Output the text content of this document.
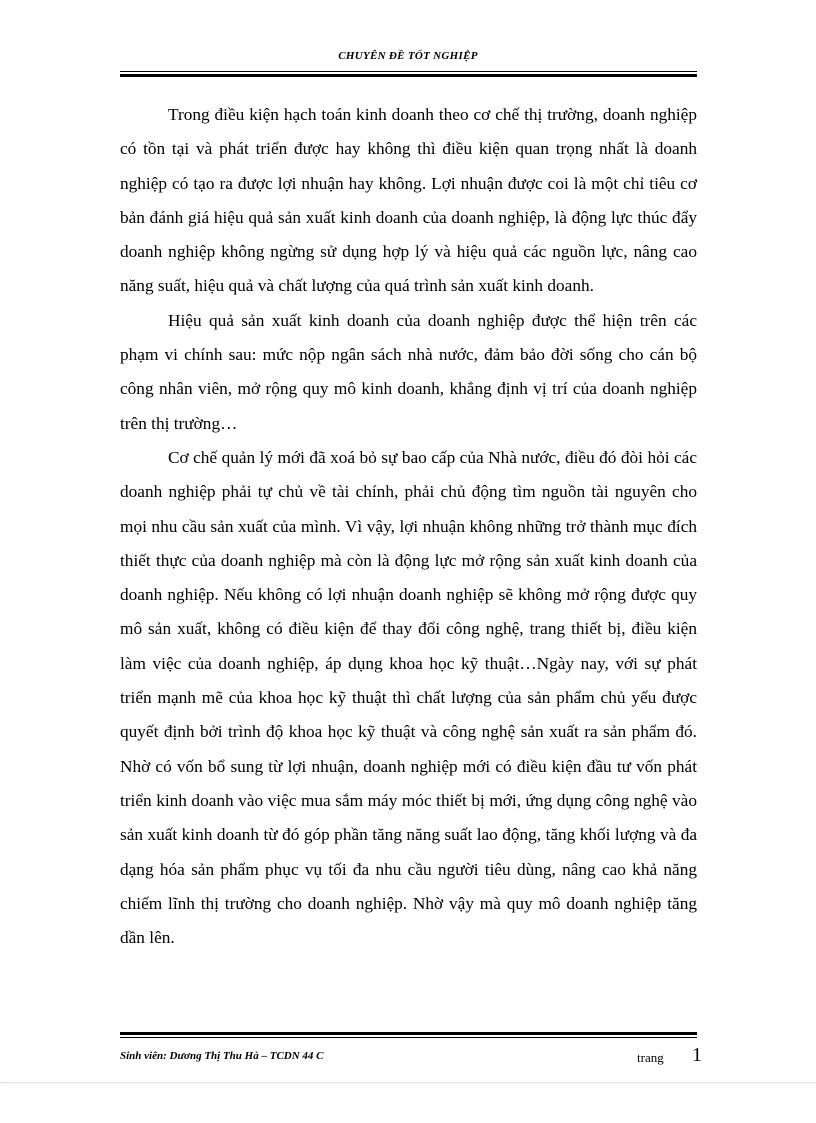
CHUYÊN ĐỀ TỐT NGHIỆP

Trong điều kiện hạch toán kinh doanh theo cơ chế thị trường, doanh nghiệp có tồn tại và phát triển được hay không thì điều kiện quan trọng nhất là doanh nghiệp có tạo ra được lợi nhuận hay không. Lợi nhuận được coi là một chỉ tiêu cơ bản đánh giá hiệu quả sản xuất kinh doanh của doanh nghiệp, là động lực thúc đẩy doanh nghiệp không ngừng sử dụng hợp lý và hiệu quả các nguồn lực, nâng cao năng suất, hiệu quả và chất lượng của quá trình sản xuất kinh doanh.

Hiệu quả sản xuất kinh doanh của doanh nghiệp được thể hiện trên các phạm vi chính sau: mức nộp ngân sách nhà nước, đảm bảo đời sống cho cán bộ công nhân viên, mở rộng quy mô kinh doanh, khẳng định vị trí của doanh nghiệp trên thị trường…

Cơ chế quản lý mới đã xoá bỏ sự bao cấp của Nhà nước, điều đó đòi hỏi các doanh nghiệp phải tự chủ về tài chính, phải chủ động tìm nguồn tài nguyên cho mọi nhu cầu sản xuất của mình. Vì vậy, lợi nhuận không những trở thành mục đích thiết thực của doanh nghiệp mà còn là động lực mở rộng sản xuất kinh doanh của doanh nghiệp. Nếu không có lợi nhuận doanh nghiệp sẽ không mở rộng được quy mô sản xuất, không có điều kiện để thay đổi công nghệ, trang thiết bị, điều kiện làm việc của doanh nghiệp, áp dụng khoa học kỹ thuật…Ngày nay, với sự phát triển mạnh mẽ của khoa học kỹ thuật thì chất lượng của sản phẩm chủ yếu được quyết định bởi trình độ khoa học kỹ thuật và công nghệ sản xuất ra sản phẩm đó. Nhờ có vốn bổ sung từ lợi nhuận, doanh nghiệp mới có điều kiện đầu tư vốn phát triển kinh doanh vào việc mua sắm máy móc thiết bị mới, ứng dụng công nghệ vào sản xuất kinh doanh từ đó góp phần tăng năng suất lao động, tăng khối lượng và đa dạng hóa sản phẩm phục vụ tối đa nhu cầu người tiêu dùng, nâng cao khả năng chiếm lĩnh thị trường cho doanh nghiệp. Nhờ vậy mà quy mô doanh nghiệp tăng dần lên.

Sinh viên: Dương Thị Thu Hà – TCDN 44 C	trang 1
